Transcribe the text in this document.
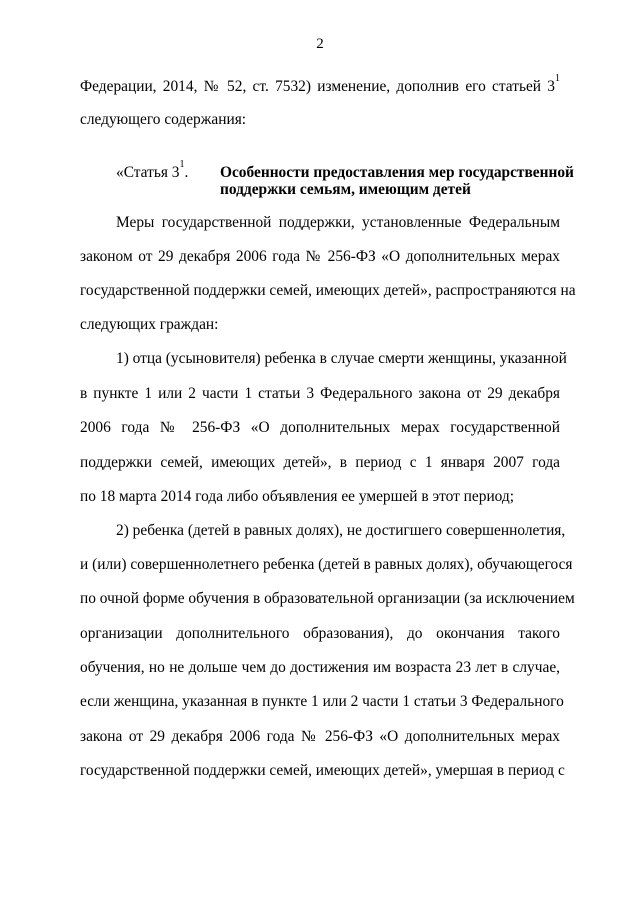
2
Федерации, 2014, № 52, ст. 7532) изменение, дополнив его статьей $3^1$
следующего содержания:
«Статья $3^1$. Особенности предоставления мер государственной
поддержки семьям, имеющим детей
Меры государственной поддержки, установленные Федеральным
законом от 29 декабря 2006 года № 256-ФЗ «О дополнительных мерах
государственной поддержки семей, имеющих детей», распространяются на
следующих граждан:
1) отца (усыновителя) ребенка в случае смерти женщины, указанной
в пункте 1 или 2 части 1 статьи 3 Федерального закона от 29 декабря
2006 года № 256-ФЗ «О дополнительных мерах государственной
поддержки семей, имеющих детей», в период с 1 января 2007 года
по 18 марта 2014 года либо объявления ее умершей в этот период;
2) ребенка (детей в равных долях), не достигшего совершеннолетия,
и (или) совершеннолетнего ребенка (детей в равных долях), обучающегося
по очной форме обучения в образовательной организации (за исключением
организации дополнительного образования), до окончания такого
обучения, но не дольше чем до достижения им возраста 23 лет в случае,
если женщина, указанная в пункте 1 или 2 части 1 статьи 3 Федерального
закона от 29 декабря 2006 года № 256-ФЗ «О дополнительных мерах
государственной поддержки семей, имеющих детей», умершая в период с
